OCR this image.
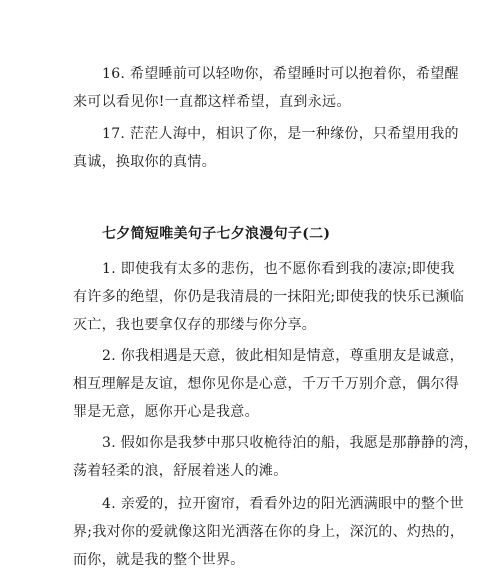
16. 希望睡前可以轻吻你，希望睡时可以抱着你，希望醒
来可以看见你!一直都这样希望，直到永远。

17. 茫茫人海中，相识了你，是一种缘份，只希望用我的
真诚，换取你的真情。

七夕简短唯美句子七夕浪漫句子(二)

1. 即使我有太多的悲伤，也不愿你看到我的凄凉;即使我
有许多的绝望，你仍是我清晨的一抹阳光;即使我的快乐已濒临
灭亡，我也要拿仅存的那缕与你分享。

2. 你我相遇是天意，彼此相知是情意，尊重朋友是诚意，
相互理解是友谊，想你见你是心意，千万千万别介意，偶尔得
罪是无意，愿你开心是我意。

3. 假如你是我梦中那只收桅待泊的船，我愿是那静静的湾，
荡着轻柔的浪，舒展着迷人的滩。

4. 亲爱的，拉开窗帘，看看外边的阳光洒满眼中的整个世
界;我对你的爱就像这阳光洒落在你的身上，深沉的、灼热的，
而你，就是我的整个世界。
